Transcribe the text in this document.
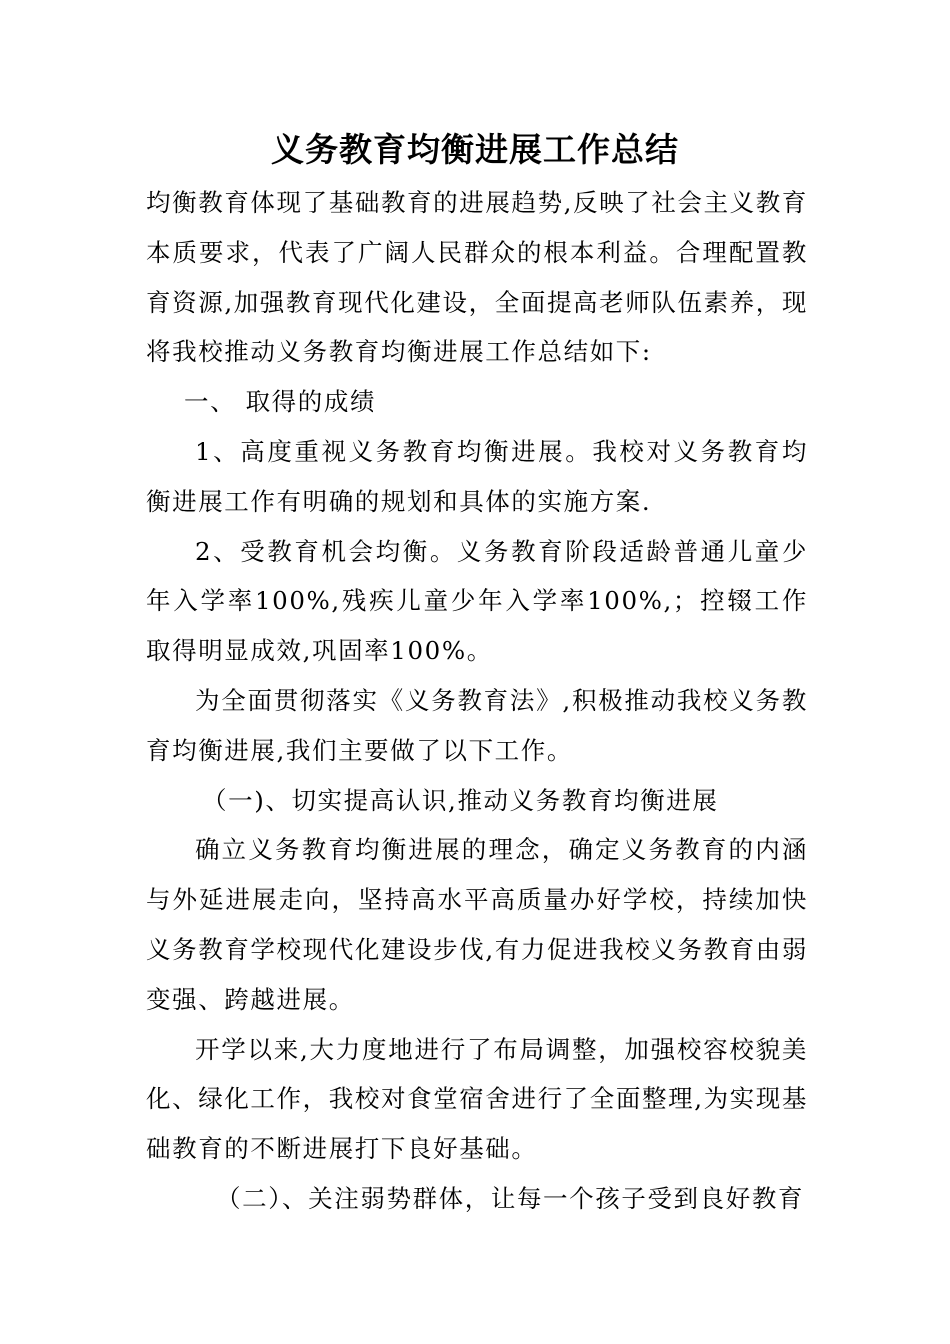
义务教育均衡进展工作总结

均衡教育体现了基础教育的进展趋势,反映了社会主义教育本质要求，代表了广阔人民群众的根本利益。合理配置教育资源,加强教育现代化建设，全面提高老师队伍素养，现将我校推动义务教育均衡进展工作总结如下:

一、 取得的成绩

1、高度重视义务教育均衡进展。我校对义务教育均衡进展工作有明确的规划和具体的实施方案.

2、受教育机会均衡。义务教育阶段适龄普通儿童少年入学率100%,残疾儿童少年入学率100%,；控辍工作取得明显成效,巩固率100%。

为全面贯彻落实《义务教育法》,积极推动我校义务教育均衡进展,我们主要做了以下工作。

（一)、切实提高认识,推动义务教育均衡进展

确立义务教育均衡进展的理念，确定义务教育的内涵与外延进展走向，坚持高水平高质量办好学校，持续加快义务教育学校现代化建设步伐,有力促进我校义务教育由弱变强、跨越进展。

开学以来,大力度地进行了布局调整，加强校容校貌美化、绿化工作，我校对食堂宿舍进行了全面整理,为实现基础教育的不断进展打下良好基础。

（二）、关注弱势群体，让每一个孩子受到良好教育
